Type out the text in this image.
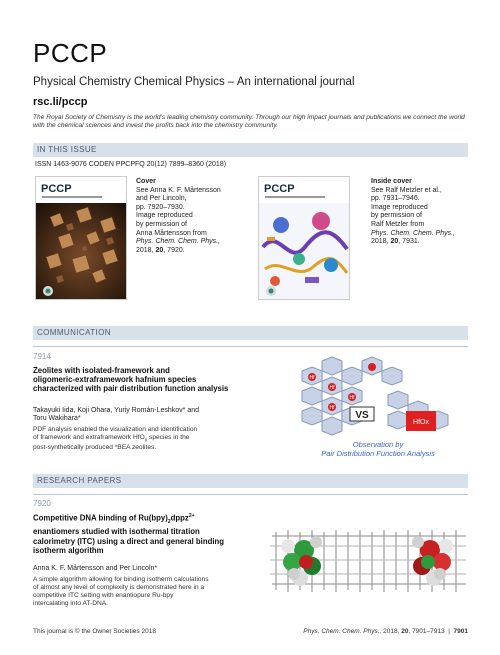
PCCP
Physical Chemistry Chemical Physics – An international journal
rsc.li/pccp
The Royal Society of Chemistry is the world’s leading chemistry community. Through our high impact journals and publications we connect the world with the chemical sciences and invest the profits back into the chemistry community.
IN THIS ISSUE
ISSN 1463-9076 CODEN PPCPFQ 20(12) 7899–8360 (2018)
PCCP
Cover
See Anna K. F. Mårtensson
and Per Lincoln,
pp. 7920–7930.
Image reproduced
by permission of
Anna Mårtensson from
Phys. Chem. Chem. Phys.,
2018, 20, 7920.
PCCP
Inside cover
See Ralf Metzler et al.,
pp. 7931–7946.
Image reproduced
by permission of
Ralf Metzler from
Phys. Chem. Chem. Phys.,
2018, 20, 7931.
COMMUNICATION
7914
Zeolites with isolated-framework and
oligomeric-extraframework hafnium species
characterized with pair distribution function analysis
Takayuki Iida, Koji Ohara, Yuriy Román-Leshkov* and
Toru Wakihara*
PDF analysis enabled the visualization and identification
of framework and extraframework HfO$_x$ species in the
post-synthetically produced *BEA zeolites.
Hf
Hf
Hf
Hf
VS
HfOx
Observation by
Pair Distribution Function Analysis
RESEARCH PAPERS
7920
Competitive DNA binding of $Ru(bpy)_2dppz^{2+}$
enantiomers studied with isothermal titration
calorimetry (ITC) using a direct and general binding
isotherm algorithm
Anna K. F. Mårtensson and Per Lincoln*
A simple algorithm allowing for binding isotherm calculations
of almost any level of complexity is demonstrated here in a
competitive ITC setting with enantiopure Ru-bpy
intercalating into AT-DNA.
This journal is © the Owner Societies 2018	Phys. Chem. Chem. Phys., 2018, 20, 7901–7913  |  7901
